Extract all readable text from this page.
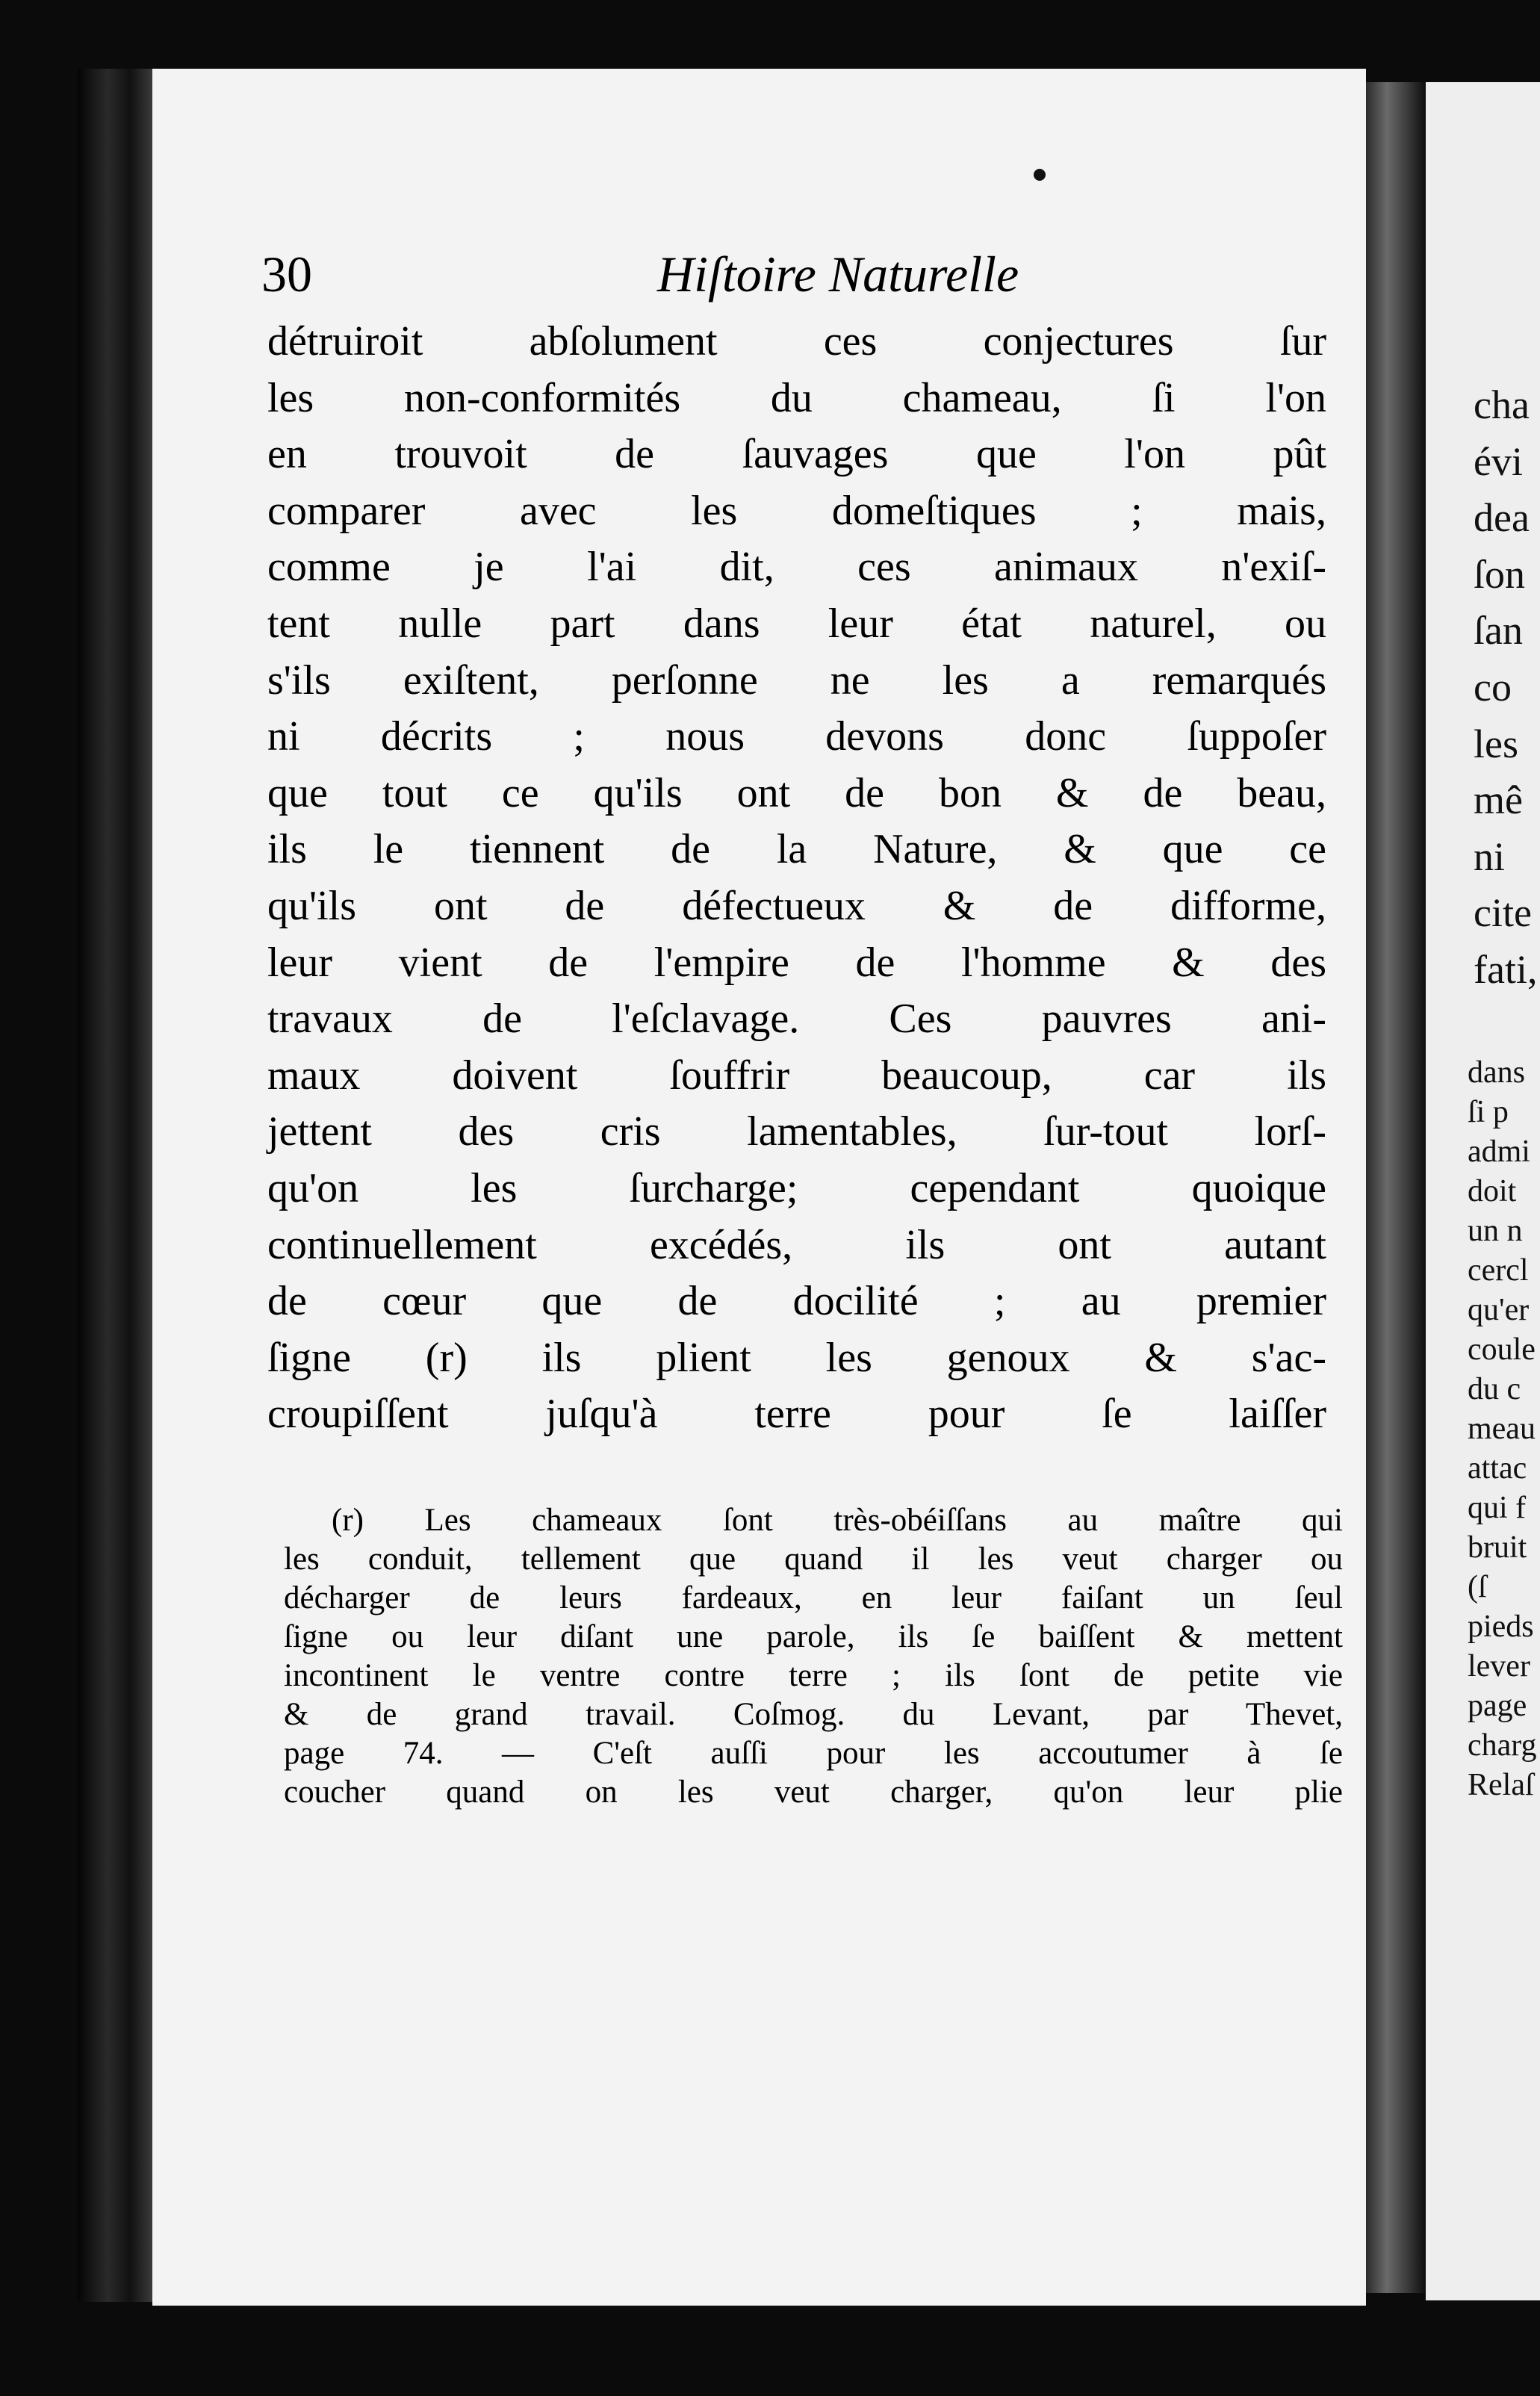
30	Hiſtoire Naturelle
détruiroit abſolument ces conjectures ſur
les non-conformités du chameau, ſi l'on
en trouvoit de ſauvages que l'on pût
comparer avec les domeſtiques ; mais,
comme je l'ai dit, ces animaux n'exiſ-
tent nulle part dans leur état naturel, ou
s'ils exiſtent, perſonne ne les a remarqués
ni décrits ; nous devons donc ſuppoſer
que tout ce qu'ils ont de bon & de beau,
ils le tiennent de la Nature, & que ce
qu'ils ont de défectueux & de difforme,
leur vient de l'empire de l'homme & des
travaux de l'eſclavage. Ces pauvres ani-
maux doivent ſouffrir beaucoup, car ils
jettent des cris lamentables, ſur-tout lorſ-
qu'on les ſurcharge; cependant quoique
continuellement excédés, ils ont autant
de cœur que de docilité ; au premier
ſigne (r) ils plient les genoux & s'ac-
croupiſſent juſqu'à terre pour ſe laiſſer
(r) Les chameaux ſont très-obéiſſans au maître qui
les conduit, tellement que quand il les veut charger ou
décharger de leurs fardeaux, en leur faiſant un ſeul
ſigne ou leur diſant une parole, ils ſe baiſſent & mettent
incontinent le ventre contre terre ; ils ſont de petite vie
& de grand travail. Coſmog. du Levant, par Thevet,
page 74. — C'eſt auſſi pour les accoutumer à ſe
coucher quand on les veut charger, qu'on leur plie
cha
évi
dea
ſon
ſan
co
les
mê
ni
cite
fati,
dans
ſi p
admi
doit
un n
cercl
qu'er
coule
du c
meau
attac
qui f
bruit
(ſ
pieds
lever
page
charg
Relaſ
